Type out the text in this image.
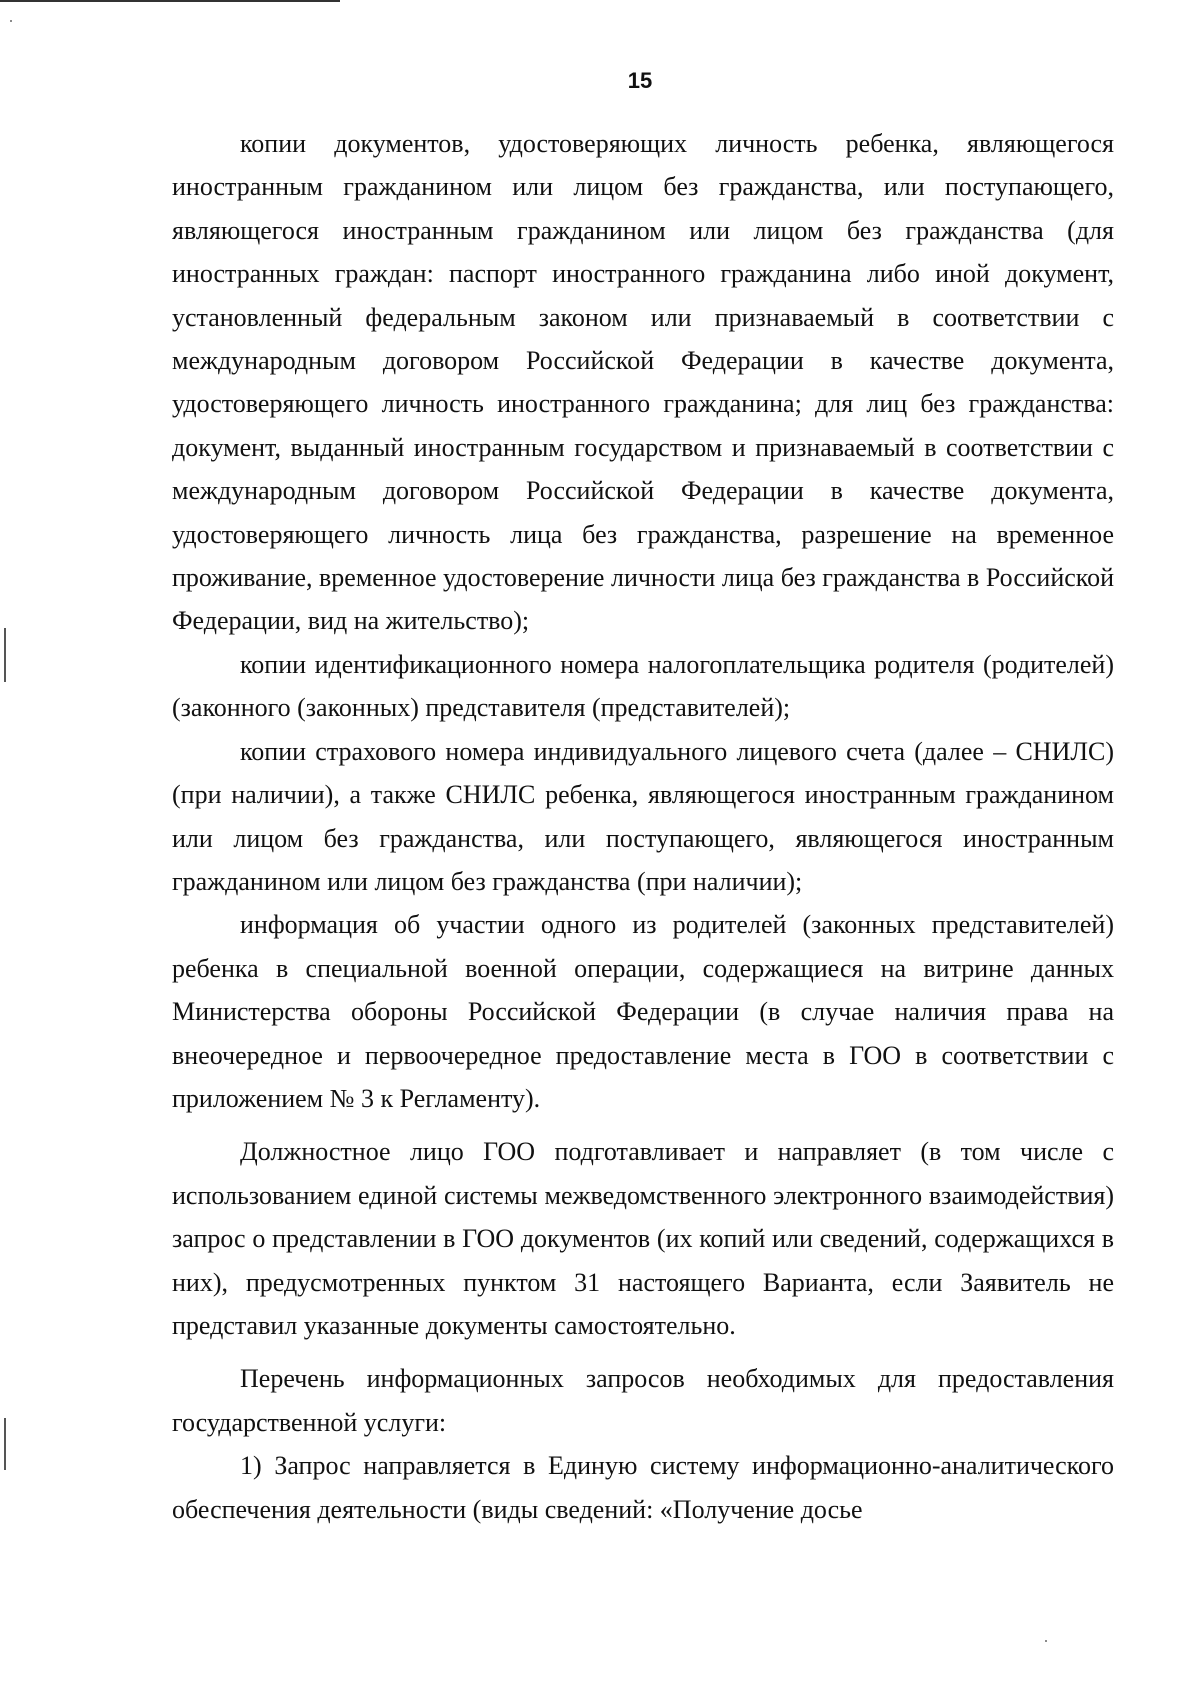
15

копии документов, удостоверяющих личность ребенка, являющегося иностранным гражданином или лицом без гражданства, или поступающего, являющегося иностранным гражданином или лицом без гражданства (для иностранных граждан: паспорт иностранного гражданина либо иной документ, установленный федеральным законом или признаваемый в соответствии с международным договором Российской Федерации в качестве документа, удостоверяющего личность иностранного гражданина; для лиц без гражданства: документ, выданный иностранным государством и признаваемый в соответствии с международным договором Российской Федерации в качестве документа, удостоверяющего личность лица без гражданства, разрешение на временное проживание, временное удостоверение личности лица без гражданства в Российской Федерации, вид на жительство);

копии идентификационного номера налогоплательщика родителя (родителей) (законного (законных) представителя (представителей);

копии страхового номера индивидуального лицевого счета (далее – СНИЛС) (при наличии), а также СНИЛС ребенка, являющегося иностранным гражданином или лицом без гражданства, или поступающего, являющегося иностранным гражданином или лицом без гражданства (при наличии);

информация об участии одного из родителей (законных представителей) ребенка в специальной военной операции, содержащиеся на витрине данных Министерства обороны Российской Федерации (в случае наличия права на внеочередное и первоочередное предоставление места в ГОО в соответствии с приложением № 3 к Регламенту).

Должностное лицо ГОО подготавливает и направляет (в том числе с использованием единой системы межведомственного электронного взаимодействия) запрос о представлении в ГОО документов (их копий или сведений, содержащихся в них), предусмотренных пунктом 31 настоящего Варианта, если Заявитель не представил указанные документы самостоятельно.

Перечень информационных запросов необходимых для предоставления государственной услуги:

1) Запрос направляется в Единую систему информационно-аналитического обеспечения деятельности (виды сведений: «Получение досье
